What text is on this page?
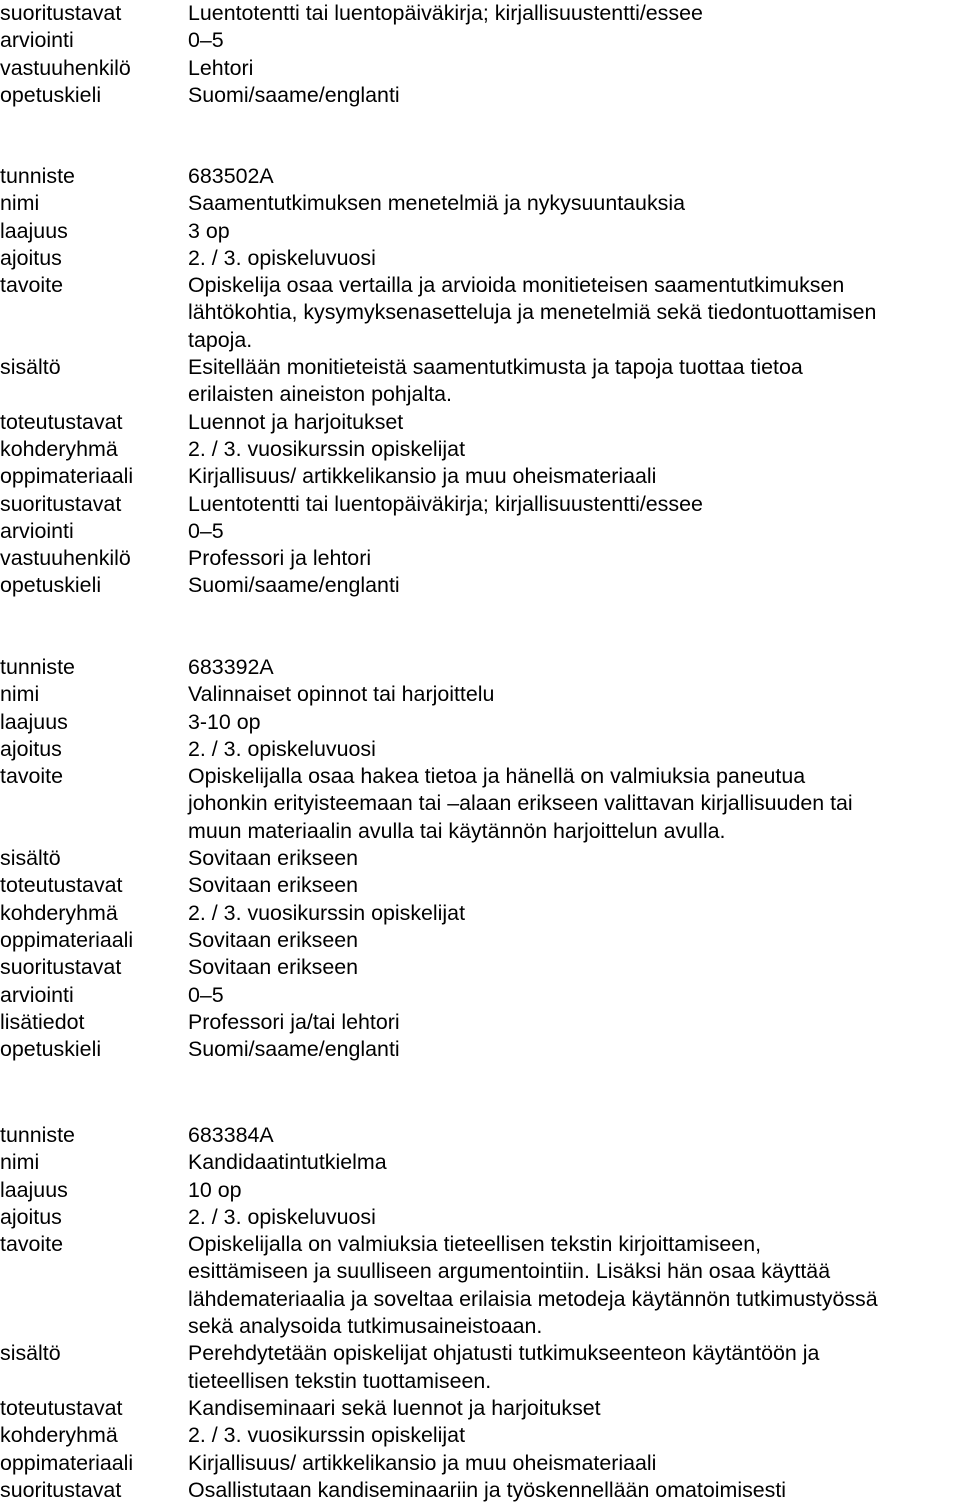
suoritustavat	Luentotentti tai luentopäiväkirja; kirjallisuustentti/essee
arviointi	0–5
vastuuhenkilö	Lehtori
opetuskieli	Suomi/saame/englanti
tunniste	683502A
nimi	Saamentutkimuksen menetelmiä ja nykysuuntauksia
laajuus	3 op
ajoitus	2. / 3. opiskeluvuosi
tavoite	Opiskelija osaa vertailla ja arvioida monitieteisen saamentutkimuksen
lähtökohtia, kysymyksenasetteluja ja menetelmiä sekä tiedontuottamisen
tapoja.
sisältö	Esitellään monitieteistä saamentutkimusta ja tapoja tuottaa tietoa
erilaisten aineiston pohjalta.
toteutustavat	Luennot ja harjoitukset
kohderyhmä	2. / 3. vuosikurssin opiskelijat
oppimateriaali	Kirjallisuus/ artikkelikansio ja muu oheismateriaali
suoritustavat	Luentotentti tai luentopäiväkirja; kirjallisuustentti/essee
arviointi	0–5
vastuuhenkilö	Professori ja lehtori
opetuskieli	Suomi/saame/englanti
tunniste	683392A
nimi	Valinnaiset opinnot tai harjoittelu
laajuus	3-10 op
ajoitus	2. / 3. opiskeluvuosi
tavoite	Opiskelijalla osaa hakea tietoa ja hänellä on valmiuksia paneutua
johonkin erityisteemaan tai –alaan erikseen valittavan kirjallisuuden tai
muun materiaalin avulla tai käytännön harjoittelun avulla.
sisältö	Sovitaan erikseen
toteutustavat	Sovitaan erikseen
kohderyhmä	2. / 3. vuosikurssin opiskelijat
oppimateriaali	Sovitaan erikseen
suoritustavat	Sovitaan erikseen
arviointi	0–5
lisätiedot	Professori ja/tai lehtori
opetuskieli	Suomi/saame/englanti
tunniste	683384A
nimi	Kandidaatintutkielma
laajuus	10 op
ajoitus	2. / 3. opiskeluvuosi
tavoite	Opiskelijalla on valmiuksia tieteellisen tekstin kirjoittamiseen,
esittämiseen ja suulliseen argumentointiin. Lisäksi hän osaa käyttää
lähdemateriaalia ja soveltaa erilaisia metodeja käytännön tutkimustyössä
sekä analysoida tutkimusaineistoaan.
sisältö	Perehdytetään opiskelijat ohjatusti tutkimukseenteon käytäntöön ja
tieteellisen tekstin tuottamiseen.
toteutustavat	Kandiseminaari sekä luennot ja harjoitukset
kohderyhmä	2. / 3. vuosikurssin opiskelijat
oppimateriaali	Kirjallisuus/ artikkelikansio ja muu oheismateriaali
suoritustavat	Osallistutaan kandiseminaariin ja työskennellään omatoimisesti
